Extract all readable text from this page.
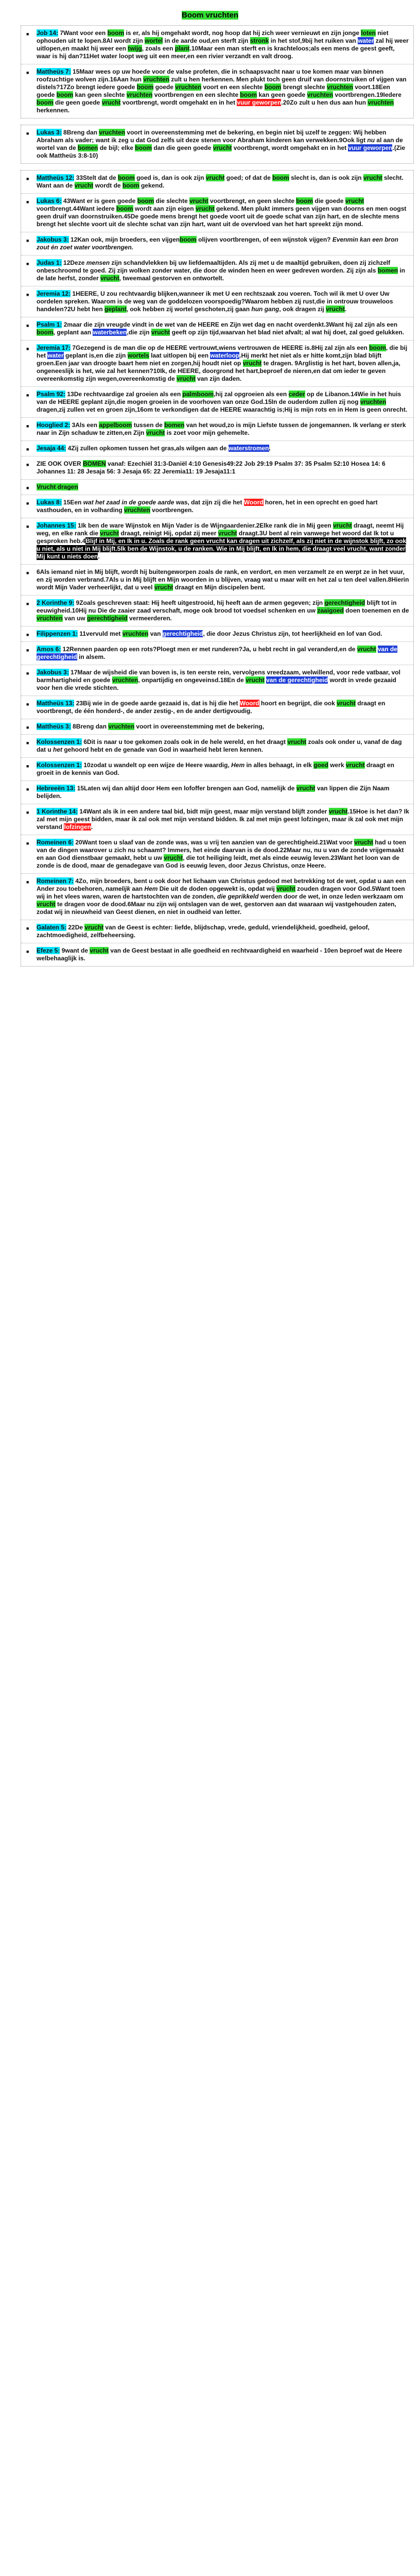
Boom vruchten
■ Job 14: 7Want voor een boom is er, als hij omgehakt wordt, nog hoop dat hij zich weer vernieuwt en zijn jonge loten niet ophouden uit te lopen.8Al wordt zijn wortel in de aarde oud,en sterft zijn stronk in het stof,9bij het ruiken van water zal hij weer uitlopen,en maakt hij weer een twijg, zoals een plant.10Maar een man sterft en is krachteloos;als een mens de geest geeft, waar is hij dan?11Het water loopt weg uit een meer,en een rivier verzandt en valt droog.
■ Mattheüs 7: 15Maar wees op uw hoede voor de valse profeten, die in schaapsvacht naar u toe komen maar van binnen roofzuchtige wolven zijn.16Aan hun vruchten zult u hen herkennen. Men plukt toch geen druif van doornstruiken of vijgen van distels?17Zo brengt iedere goede boom goede vruchten voort en een slechte boom brengt slechte vruchten voort.18Een goede boom kan geen slechte vruchten voortbrengen en een slechte boom kan geen goede vruchten voortbrengen.19Iedere boom die geen goede vrucht voortbrengt, wordt omgehakt en in het vuur geworpen.20Zo zult u hen dus aan hun vruchten herkennen.
■ Lukas 3: 8Breng dan vruchten voort in overeenstemming met de bekering, en begin niet bij uzelf te zeggen: Wij hebben Abraham als vader; want ik zeg u dat God zelfs uit deze stenen voor Abraham kinderen kan verwekken.9Ook ligt nu al aan de wortel van de bomen de bijl; elke boom dan die geen goede vrucht voortbrengt, wordt omgehakt en in het vuur geworpen.(Zie ook Mattheüs 3:8-10)
■ Mattheüs 12: 33Stelt dat de boom goed is, dan is ook zijn vrucht goed; of dat de boom slecht is, dan is ook zijn vrucht slecht. Want aan de vrucht wordt de boom gekend.
■ Lukas 6: 43Want er is geen goede boom die slechte vrucht voortbrengt, en geen slechte boom die goede vrucht voortbrengt.44Want iedere boom wordt aan zijn eigen vrucht gekend. Men plukt immers geen vijgen van doorns en men oogst geen druif van doornstruiken.45De goede mens brengt het goede voort uit de goede schat van zijn hart, en de slechte mens brengt het slechte voort uit de slechte schat van zijn hart, want uit de overvloed van het hart spreekt zijn mond.
■ Jakobus 3: 12Kan ook, mijn broeders, een vijgenboom olijven voortbrengen, of een wijnstok vijgen? Evenmin kan een bron zout én zoet water voortbrengen.
■ Judas 1: 12Deze mensen zijn schandvlekken bij uw liefdemaaltijden. Als zij met u de maaltijd gebruiken, doen zij zichzelf onbeschroomd te goed. Zij zijn wolken zonder water, die door de winden heen en weer gedreven worden. Zij zijn als bomen in de late herfst, zonder vrucht, tweemaal gestorven en ontwortelt.
■ Jeremia 12: 1HEERE, U zou rechtvaardig blijken,wanneer ik met U een rechtszaak zou voeren. Toch wil ik met U over Uw oordelen spreken. Waarom is de weg van de goddelozen voorspoedig?Waarom hebben zij rust,die in ontrouw trouweloos handelen?2U hebt hen geplant, ook hebben zij wortel geschoten,zij gaan hun gang, ook dragen zij vrucht.
■ Psalm 1: 2maar die zijn vreugde vindt in de wet van de HEERE en Zijn wet dag en nacht overdenkt.3Want hij zal zijn als een boom, geplant aan waterbeken,die zijn vrucht geeft op zijn tijd,waarvan het blad niet afvalt; al wat hij doet, zal goed gelukken.
■ Jeremia 17: 7Gezegend is de man die op de HEERE vertrouwt,wiens vertrouwen de HEERE is.8Hij zal zijn als een boom, die bij het water geplant is,en die zijn wortels laat uitlopen bij een waterloop.Hij merkt het niet als er hitte komt,zijn blad blijft groen.Een jaar van droogte baart hem niet en zorgen,hij houdt niet op vrucht te dragen. 9Arglistig is het hart, boven allen,ja, ongeneeslijk is het, wie zal het kennen?10Ik, de HEERE, doorgrond het hart,beproef de nieren,en dat om ieder te geven overeenkomstig zijn wegen,overeenkomstig de vrucht van zijn daden.
■ Psalm 92: 13De rechtvaardige zal groeien als een palmboom,hij zal opgroeien als een ceder op de Libanon.14Wie in het huis van de HEERE geplant zijn,die mogen groeien in de voorhoven van onze God.15In de ouderdom zullen zij nog vruchten dragen,zij zullen vet en groen zijn,16om te verkondigen dat de HEERE waarachtig is;Hij is mijn rots en in Hem is geen onrecht.
■ Hooglied 2: 3Als een appelboom tussen de bomen van het woud,zo is mijn Liefste tussen de jongemannen. Ik verlang er sterk naar in Zijn schaduw te zitten,en Zijn vrucht is zoet voor mijn gehemelte.
■ Jesaja 44: 4Zij zullen opkomen tussen het gras,als wilgen aan de waterstromen.
■ ZIE OOK OVER BOMEN vanaf: Ezechiël 31:3-Daniël 4:10 Genesis49:22 Job 29:19 Psalm 37: 35 Psalm 52:10 Hosea 14: 6 Johannes 11: 28 Jesaja 56: 3 Jesaja 65: 22 Jeremia11: 19 Jesaja11:1
■ Vrucht dragen
■ Lukas 8: 15Een wat het zaad in de goede aarde was, dat zijn zij die het Woord horen, het in een oprecht en goed hart vasthouden, en in volharding vruchten voortbrengen.
■ Johannes 15: 1Ik ben de ware Wijnstok en Mijn Vader is de Wijngaardenier.2Elke rank die in Mij geen vrucht draagt, neemt Hij weg, en elke rank die vrucht draagt, reinigt Hij, opdat zij meer vrucht draagt.3U bent al rein vanwege het woord dat Ik tot u gesproken heb.4Blijf in Mij, en Ik in u. Zoals de rank geen vrucht kan dragen uit zichzelf, als zij niet in de wijnstok blijft, zo ook u niet, als u niet in Mij blijft.5Ik ben de Wijnstok, u de ranken. Wie in Mij blijft, en Ik in hem, die draagt veel vrucht, want zonder Mij kunt u niets doen.
■ 6Als iemand niet in Mij blijft, wordt hij buitengeworpen zoals de rank, en verdort, en men verzamelt ze en werpt ze in het vuur, en zij worden verbrand.7Als u in Mij blijft en Mijn woorden in u blijven, vraag wat u maar wilt en het zal u ten deel vallen.8Hierin wordt Mijn Vader verheerlijkt, dat u veel vrucht draagt en Mijn discipelen bent.
■ 2 Korinthe 9: 9Zoals geschreven staat: Hij heeft uitgestrooid, hij heeft aan de armen gegeven; zijn gerechtigheid blijft tot in eeuwigheid.10Hij nu Die de zaaier zaad verschaft, moge ook brood tot voedsel schenken en uw zaaigoed doen toenemen en de vruchten van uw gerechtigheid vermeerderen.
■ Filippenzen 1: 11vervuld met vruchten van gerechtigheid, die door Jezus Christus zijn, tot heerlijkheid en lof van God.
■ Amos 6: 12Rennen paarden op een rots?Ploegt men er met runderen?Ja, u hebt recht in gal veranderd,en de vrucht van de gerechtigheid in alsem.
■ Jakobus 3: 17Maar de wijsheid die van boven is, is ten eerste rein, vervolgens vreedzaam, welwillend, voor rede vatbaar, vol barmhartigheid en goede vruchten, onpartijdig en ongeveinsd.18En de vrucht van de gerechtigheid wordt in vrede gezaaid voor hen die vrede stichten.
■ Mattheüs 13: 23Bij wie in de goede aarde gezaaid is, dat is hij die het Woord hoort en begrijpt, die ook vrucht draagt en voortbrengt, de één honderd-, de ander zestig-, en de ander dertigvoudig.
■ Mattheüs 3: 8Breng dan vruchten voort in overeenstemming met de bekering,
■ Kolossenzen 1: 6Dit is naar u toe gekomen zoals ook in de hele wereld, en het draagt vrucht zoals ook onder u, vanaf de dag dat u het gehoord hebt en de genade van God in waarheid hebt leren kennen.
■ Kolossenzen 1: 10zodat u wandelt op een wijze de Heere waardig, Hem in alles behaagt, in elk goed werk vrucht draagt en groeit in de kennis van God.
■ Hebreeën 13: 15Laten wij dan altijd door Hem een lofoffer brengen aan God, namelijk de vrucht van lippen die Zijn Naam belijden.
■ 1 Korinthe 14: 14Want als ik in een andere taal bid, bidt mijn geest, maar mijn verstand blijft zonder vrucht.15Hoe is het dan? Ik zal met mijn geest bidden, maar ik zal ook met mijn verstand bidden. Ik zal met mijn geest lofzingen, maar ik zal ook met mijn verstand lofzingen.
■ Romeinen 6: 20Want toen u slaaf van de zonde was, was u vrij ten aanzien van de gerechtigheid.21Wat voor vrucht had u toen van de dingen waarover u zich nu schaamt? Immers, het einde daarvan is de dood.22Maar nu, nu u van de zonde vrijgemaakt en aan God dienstbaar gemaakt, hebt u uw vrucht, die tot heiliging leidt, met als einde eeuwig leven.23Want het loon van de zonde is de dood, maar de genadegave van God is eeuwig leven, door Jezus Christus, onze Heere.
■ Romeinen 7: 4Zo, mijn broeders, bent u ook door het lichaam van Christus gedood met betrekking tot de wet, opdat u aan een Ander zou toebehoren, namelijk aan Hem Die uit de doden opgewekt is, opdat wij vrucht zouden dragen voor God.5Want toen wij in het vlees waren, waren de hartstochten van de zonden, die geprikkeld werden door de wet, in onze leden werkzaam om vrucht te dragen voor de dood.6Maar nu zijn wij ontslagen van de wet, gestorven aan dat waaraan wij vastgehouden zaten, zodat wij in nieuwheid van Geest dienen, en niet in oudheid van letter.
■ Galaten 5: 22De vrucht van de Geest is echter: liefde, blijdschap, vrede, geduld, vriendelijkheid, goedheid, geloof, zachtmoedigheid, zelfbeheersing.
■ Efeze 5: 9want de vrucht van de Geest bestaat in alle goedheid en rechtvaardigheid en waarheid - 10en beproef wat de Heere welbehaaglijk is.
